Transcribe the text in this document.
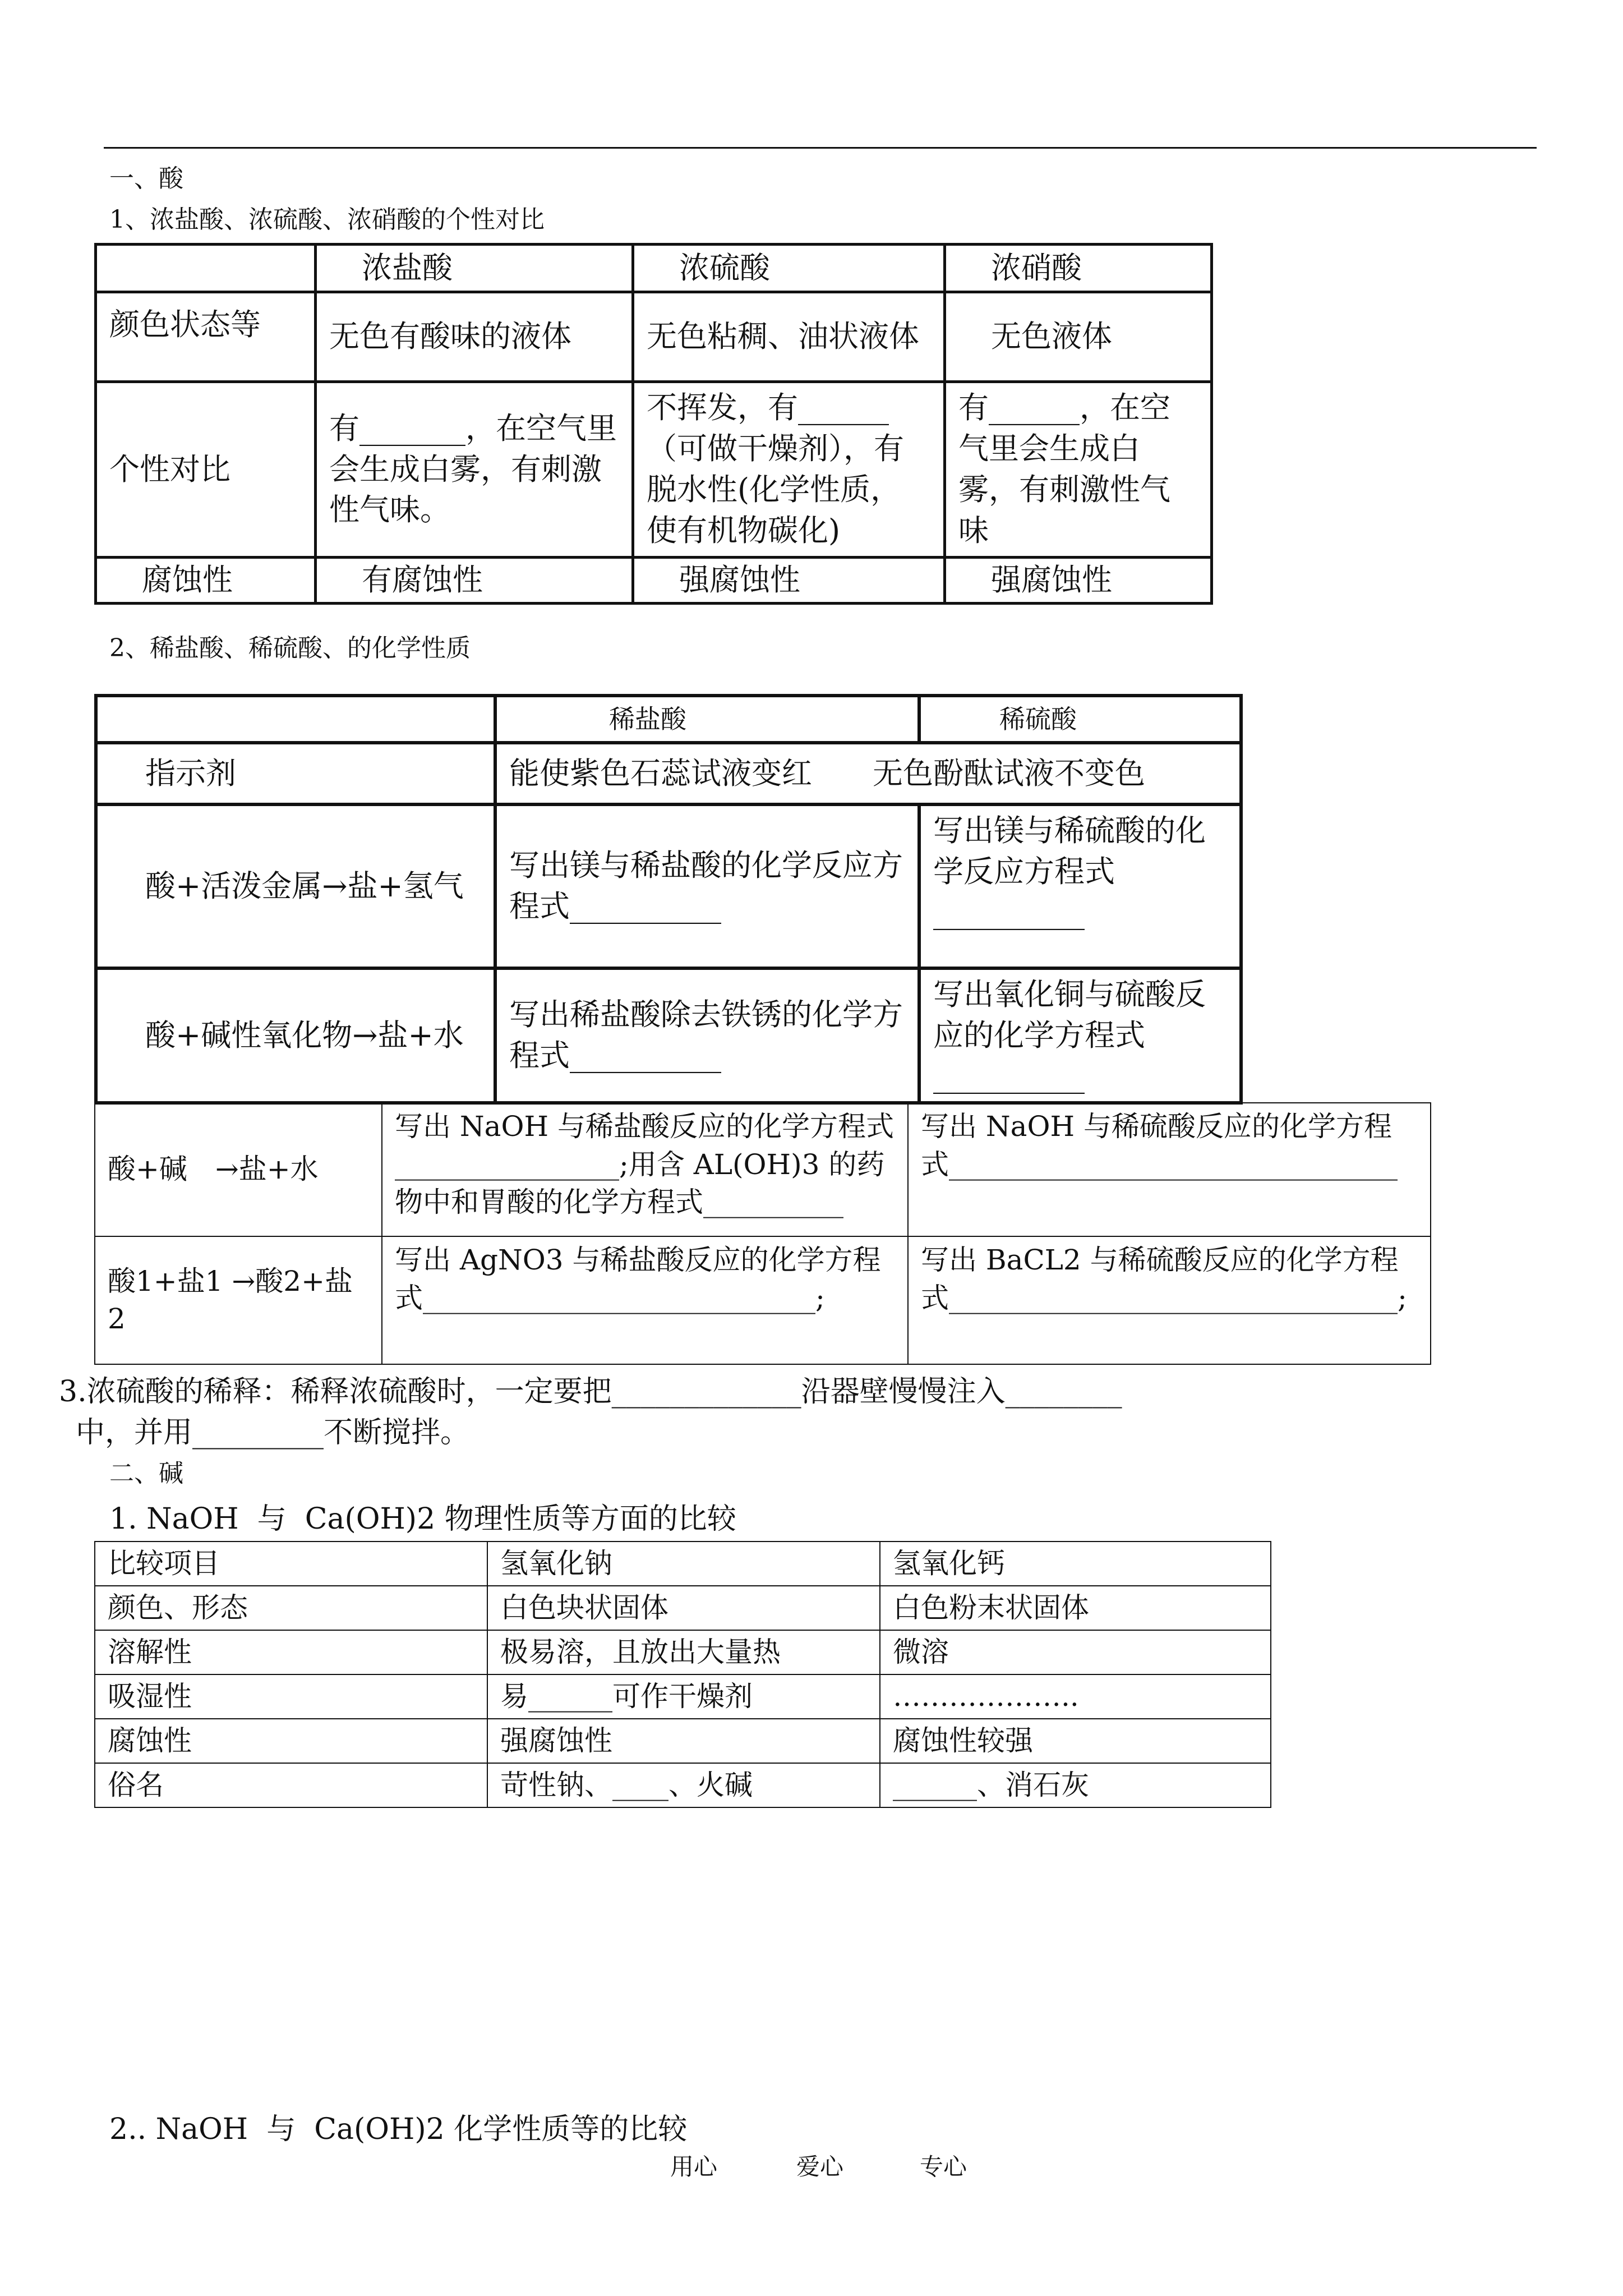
一、酸
1、浓盐酸、浓硫酸、浓硝酸的个性对比
	浓盐酸	浓硫酸	浓硝酸
颜色状态等	无色有酸味的液体	无色粘稠、油状液体	无色液体
个性对比	有_______，在空气里会生成白雾，有刺激性气味。	不挥发，有______（可做干燥剂），有脱水性(化学性质，使有机物碳化)	有______，在空气里会生成白雾，有刺激性气味
腐蚀性	有腐蚀性	强腐蚀性	强腐蚀性
2、稀盐酸、稀硫酸、的化学性质
	稀盐酸	稀硫酸
指示剂	能使紫色石蕊试液变红　　无色酚酞试液不变色	
酸+活泼金属→盐+氢气	写出镁与稀盐酸的化学反应方程式__________	写出镁与稀硫酸的化学反应方程式__________
酸+碱性氧化物→盐+水	写出稀盐酸除去铁锈的化学方程式__________	写出氧化铜与硫酸反应的化学方程式__________
酸+碱　→盐+水	写出 NaOH 与稀盐酸反应的化学方程式________________;用含 AL(OH)3 的药物中和胃酸的化学方程式__________	写出 NaOH 与稀硫酸反应的化学方程式________________________________
酸1+盐1 →酸2+盐2	写出 AgNO3 与稀盐酸反应的化学方程式____________________________;	写出 BaCL2 与稀硫酸反应的化学方程式________________________________;
3.浓硫酸的稀释：稀释浓硫酸时，一定要把_____________沿器壁慢慢注入________
中，并用_________不断搅拌。
二、碱
1. NaOH  与  Ca(OH)2 物理性质等方面的比较
比较项目	氢氧化钠	氢氧化钙
颜色、形态	白色块状固体	白色粉末状固体
溶解性	极易溶，且放出大量热	微溶
吸湿性	易______可作干燥剂	………………..
腐蚀性	强腐蚀性	腐蚀性较强
俗名	苛性钠、____、火碱	______、消石灰
2.. NaOH  与  Ca(OH)2 化学性质等的比较
用心	爱心	专心
